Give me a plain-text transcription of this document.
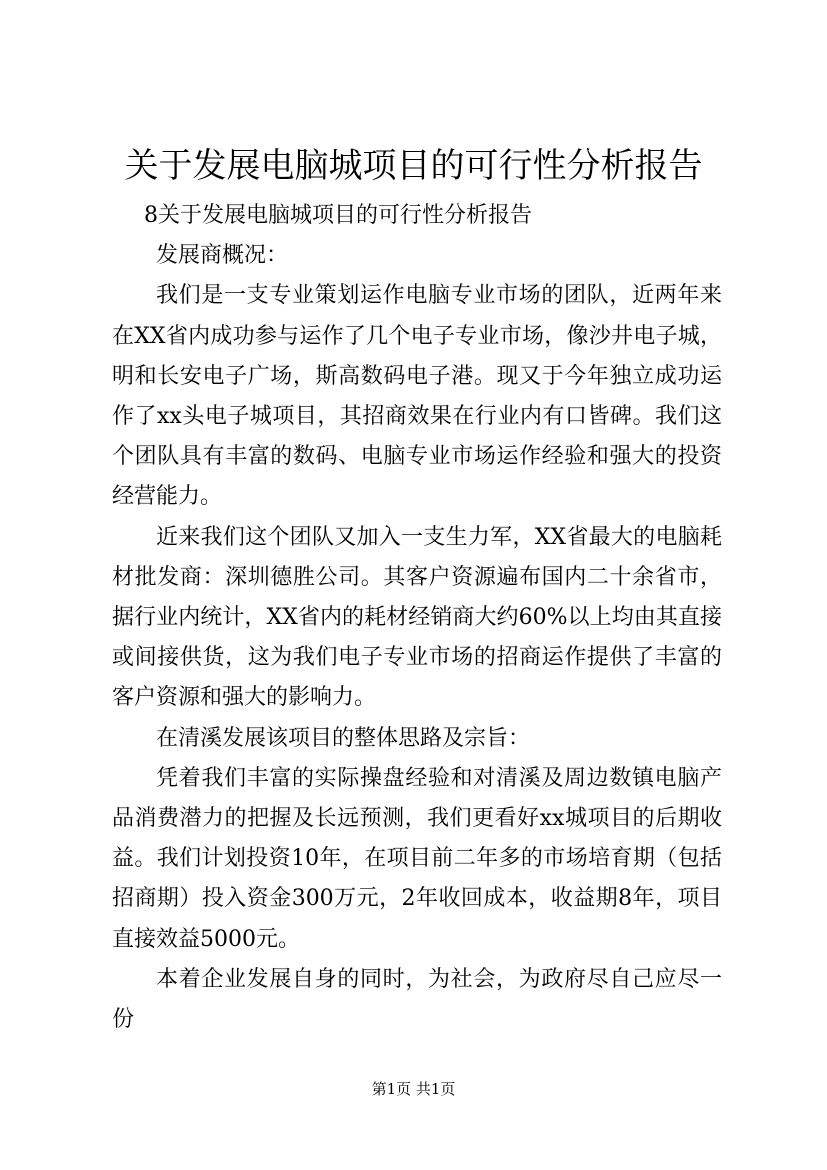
关于发展电脑城项目的可行性分析报告

8关于发展电脑城项目的可行性分析报告

发展商概况：

我们是一支专业策划运作电脑专业市场的团队，近两年来在XX省内成功参与运作了几个电子专业市场，像沙井电子城，明和长安电子广场，斯高数码电子港。现又于今年独立成功运作了xx头电子城项目，其招商效果在行业内有口皆碑。我们这个团队具有丰富的数码、电脑专业市场运作经验和强大的投资经营能力。

近来我们这个团队又加入一支生力军，XX省最大的电脑耗材批发商：深圳德胜公司。其客户资源遍布国内二十余省市，据行业内统计，XX省内的耗材经销商大约60%以上均由其直接或间接供货，这为我们电子专业市场的招商运作提供了丰富的客户资源和强大的影响力。

在清溪发展该项目的整体思路及宗旨：

凭着我们丰富的实际操盘经验和对清溪及周边数镇电脑产品消费潜力的把握及长远预测，我们更看好xx城项目的后期收益。我们计划投资10年，在项目前二年多的市场培育期（包括招商期）投入资金300万元，2年收回成本，收益期8年，项目直接效益5000元。

本着企业发展自身的同时，为社会，为政府尽自己应尽一份

第1页 共1页
